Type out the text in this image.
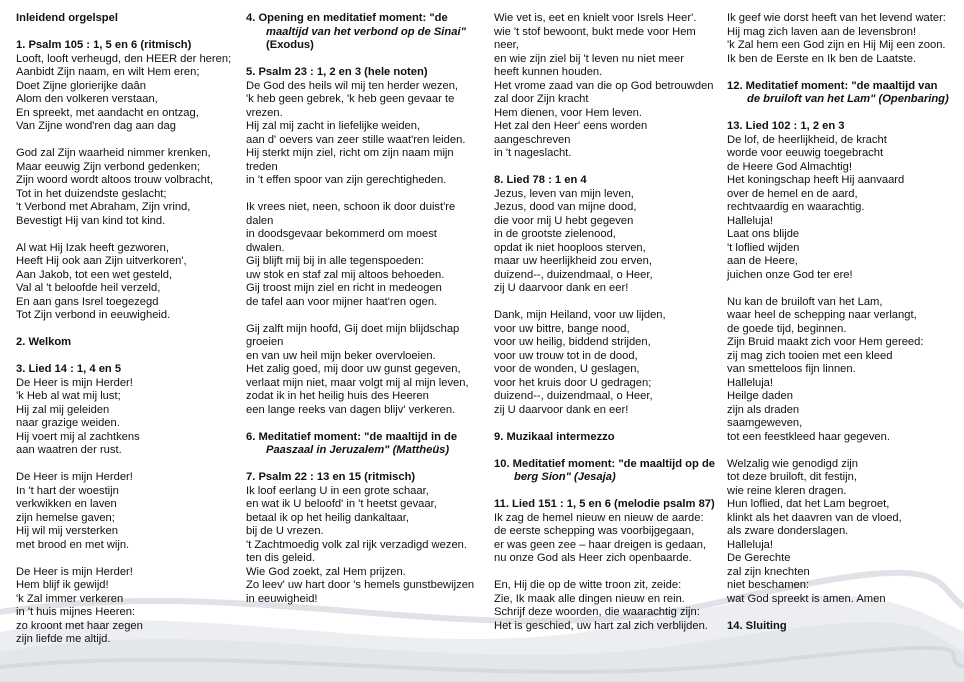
Inleidend orgelspel
1. Psalm 105 : 1, 5 en 6 (ritmisch)
Looft, looft verheugd, den HEER der heren;
Aanbidt Zijn naam, en wilt Hem eren;
Doet Zijne glorierijke daân
Alom den volkeren verstaan,
En spreekt, met aandacht en ontzag,
Van Zijne wond'ren dag aan dag
God zal Zijn waarheid nimmer krenken,
Maar eeuwig Zijn verbond gedenken;
Zijn woord wordt altoos trouw volbracht,
Tot in het duizendste geslacht;
't Verbond met Abraham, Zijn vrind,
Bevestigt Hij van kind tot kind.
Al wat Hij Izak heeft gezworen,
Heeft Hij ook aan Zijn uitverkoren',
Aan Jakob, tot een wet gesteld,
Val al 't beloofde heil verzeld,
En aan gans Isrel toegezegd
Tot Zijn verbond in eeuwigheid.
2. Welkom
3. Lied 14 : 1, 4 en 5
De Heer is mijn Herder!
'k Heb al wat mij lust;
Hij zal mij geleiden
naar grazige weiden.
Hij voert mij al zachtkens
aan waatren der rust.
De Heer is mijn Herder!
In 't hart der woestijn
verkwikken en laven
zijn hemelse gaven;
Hij wil mij versterken
met brood en met wijn.
De Heer is mijn Herder!
Hem blijf ik gewijd!
'k Zal immer verkeren
in 't huis mijnes Heeren:
zo kroont met haar zegen
zijn liefde me altijd.
4. Opening en meditatief moment: "de
maaltijd van het verbond op de Sinai"
(Exodus)
5. Psalm 23 : 1, 2 en 3 (hele noten)
De God des heils wil mij ten herder wezen,
'k heb geen gebrek, 'k heb geen gevaar te
vrezen.
Hij zal mij zacht in liefelijke weiden,
aan d' oevers van zeer stille waat'ren leiden.
Hij sterkt mijn ziel, richt om zijn naam mijn
treden
in 't effen spoor van zijn gerechtigheden.
Ik vrees niet, neen, schoon ik door duist're
dalen
in doodsgevaar bekommerd om moest
dwalen.
Gij blijft mij bij in alle tegenspoeden:
uw stok en staf zal mij altoos behoeden.
Gij troost mijn ziel en richt in medeogen
de tafel aan voor mijner haat'ren ogen.
Gij zalft mijn hoofd, Gij doet mijn blijdschap
groeien
en van uw heil mijn beker overvloeien.
Het zalig goed, mij door uw gunst gegeven,
verlaat mijn niet, maar volgt mij al mijn leven,
zodat ik in het heilig huis des Heeren
een lange reeks van dagen blijv' verkeren.
6. Meditatief moment: "de maaltijd in de
Paaszaal in Jeruzalem" (Mattheüs)
7. Psalm 22 : 13 en 15 (ritmisch)
Ik loof eerlang U in een grote schaar,
en wat ik U beloofd' in 't heetst gevaar,
betaal ik op het heilig dankaltaar,
bij de U vrezen.
't Zachtmoedig volk zal rijk verzadigd wezen.
ten dis geleid.
Wie God zoekt, zal Hem prijzen.
Zo leev' uw hart door 's hemels gunstbewijzen
in eeuwigheid!
Wie vet is, eet en knielt voor Isrels Heer'.
wie 't stof bewoont, bukt mede voor Hem
neer,
en wie zijn ziel bij 't leven nu niet meer
heeft kunnen houden.
Het vrome zaad van die op God betrouwden
zal door Zijn kracht
Hem dienen, voor Hem leven.
Het zal den Heer' eens worden
aangeschreven
in 't nageslacht.
8. Lied 78 : 1 en 4
Jezus, leven van mijn leven,
Jezus, dood van mijne dood,
die voor mij U hebt gegeven
in de grootste zielenood,
opdat ik niet hooploos sterven,
maar uw heerlijkheid zou erven,
duizend--, duizendmaal, o Heer,
zij U daarvoor dank en eer!
Dank, mijn Heiland, voor uw lijden,
voor uw bittre, bange nood,
voor uw heilig, biddend strijden,
voor uw trouw tot in de dood,
voor de wonden, U geslagen,
voor het kruis door U gedragen;
duizend--, duizendmaal, o Heer,
zij U daarvoor dank en eer!
9. Muzikaal intermezzo
10. Meditatief moment: "de maaltijd op de
berg Sion" (Jesaja)
11. Lied 151 : 1, 5 en 6 (melodie psalm 87)
Ik zag de hemel nieuw en nieuw de aarde:
de eerste schepping was voorbijgegaan,
er was geen zee – haar dreigen is gedaan,
nu onze God als Heer zich openbaarde.
En, Hij die op de witte troon zit, zeide:
Zie, Ik maak alle dingen nieuw en rein.
Schrijf deze woorden, die waarachtig zijn:
Het is geschied, uw hart zal zich verblijden.
Ik geef wie dorst heeft van het levend water:
Hij mag zich laven aan de levensbron!
'k Zal hem een God zijn en Hij Mij een zoon.
Ik ben de Eerste en Ik ben de Laatste.
12. Meditatief moment: "de maaltijd van
de bruiloft van het Lam" (Openbaring)
13. Lied 102 : 1, 2 en 3
De lof, de heerlijkheid, de kracht
worde voor eeuwig toegebracht
de Heere God Almachtig!
Het koningschap heeft Hij aanvaard
over de hemel en de aard,
rechtvaardig en waarachtig.
Halleluja!
Laat ons blijde
't loflied wijden
aan de Heere,
juichen onze God ter ere!
Nu kan de bruiloft van het Lam,
waar heel de schepping naar verlangt,
de goede tijd, beginnen.
Zijn Bruid maakt zich voor Hem gereed:
zij mag zich tooien met een kleed
van smetteloos fijn linnen.
Halleluja!
Heilge daden
zijn als draden
saamgeweven,
tot een feestkleed haar gegeven.
Welzalig wie genodigd zijn
tot deze bruiloft, dit festijn,
wie reine kleren dragen.
Hun loflied, dat het Lam begroet,
klinkt als het daavren van de vloed,
als zware donderslagen.
Halleluja!
De Gerechte
zal zijn knechten
niet beschamen:
wat God spreekt is amen. Amen
14. Sluiting
